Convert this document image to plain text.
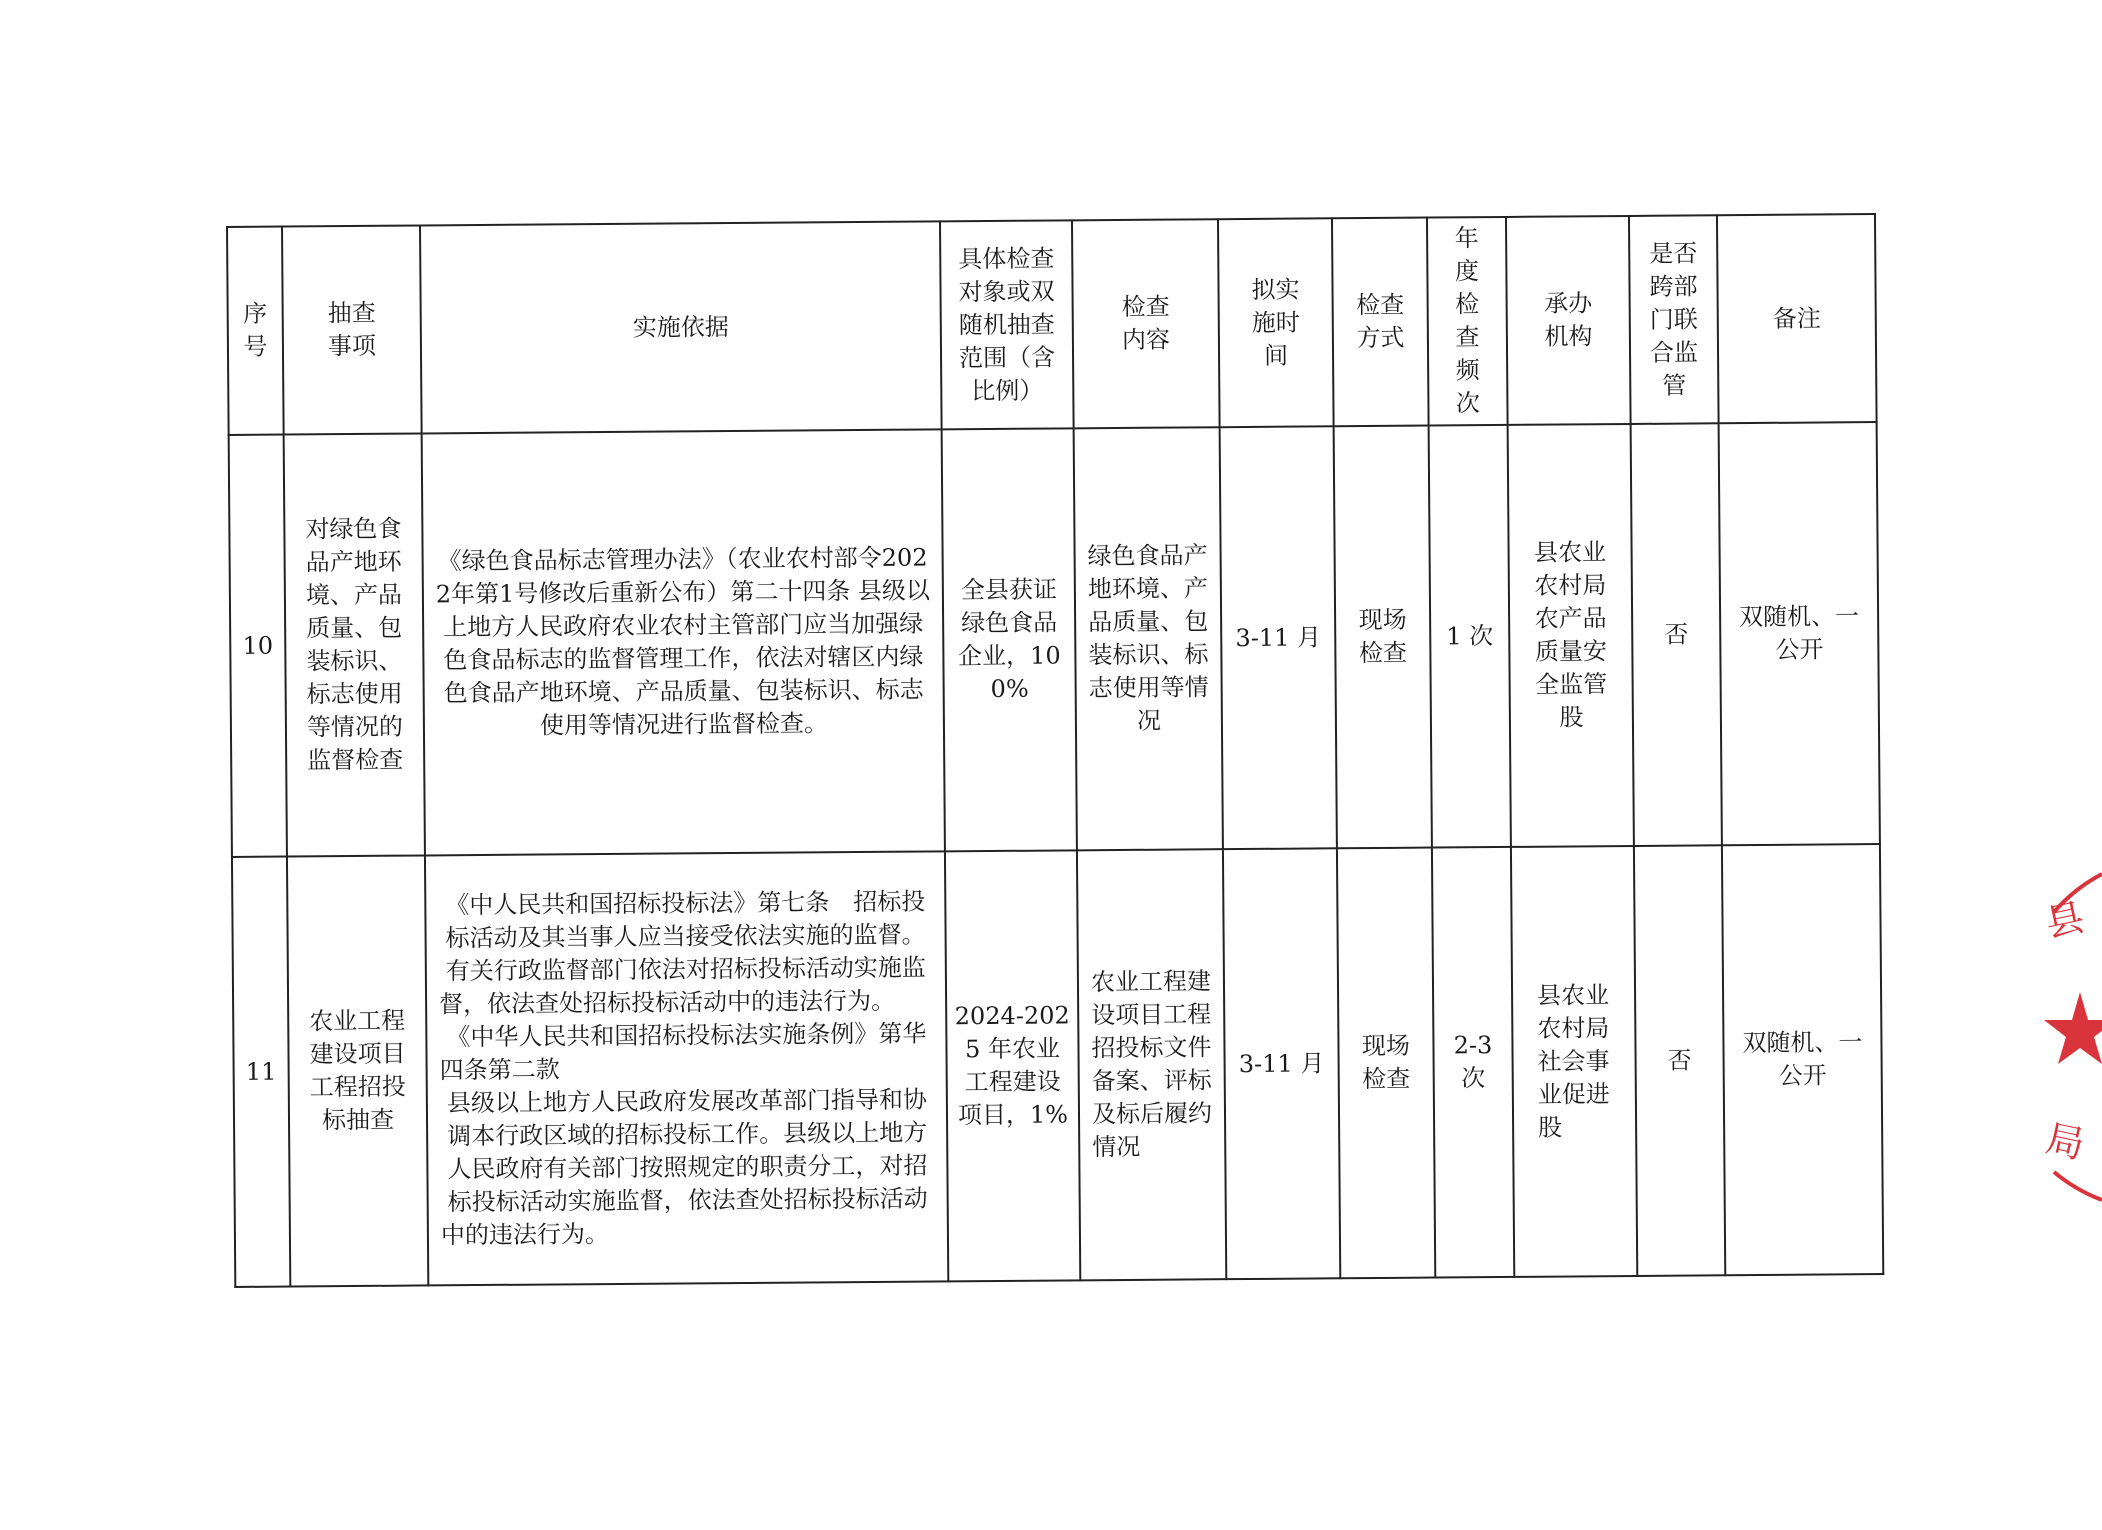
序号	抽查事项	实施依据	具体检查对象或双随机抽查范围（含比例）	检查内容	拟实施时间	检查方式	年度检查频次	承办机构	是否跨部门联合监管	备注
10	对绿色食品产地环境、产品质量、包装标识、标志使用等情况的监督检查	《绿色食品标志管理办法》（农业农村部令2022年第1号修改后重新公布）第二十四条 县级以上地方人民政府农业农村主管部门应当加强绿色食品标志的监督管理工作，依法对辖区内绿色食品产地环境、产品质量、包装标识、标志使用等情况进行监督检查。	全县获证绿色食品企业，100%	绿色食品产地环境、产品质量、包装标识、标志使用等情况	3-11 月	现场检查	1 次	县农业农村局农产品质量安全监管股	否	双随机、一公开
11	农业工程建设项目工程招投标抽查	《中人民共和国招标投标法》第七条　招标投标活动及其当事人应当接受依法实施的监督。有关行政监督部门依法对招标投标活动实施监督，依法查处招标投标活动中的违法行为。
《中华人民共和国招标投标法实施条例》第华四条第二款
县级以上地方人民政府发展改革部门指导和协调本行政区域的招标投标工作。县级以上地方人民政府有关部门按照规定的职责分工，对招标投标活动实施监督，依法查处招标投标活动中的违法行为。	2024-2025 年农业工程建设项目，1%	农业工程建设项目工程招投标文件备案、评标及标后履约情况	3-11 月	现场检查	2-3 次	县农业农村局社会事业促进股	否	双随机、一公开
县
局
